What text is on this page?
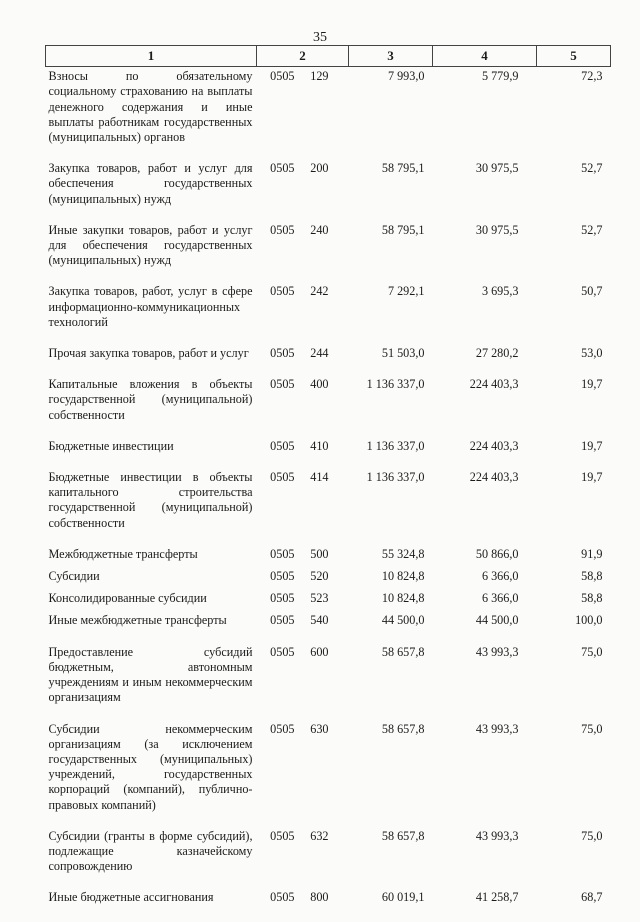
35
1	2	3	4	5
Взносы по обязательному социальному страхованию на выплаты денежного содержания и иные выплаты работникам государственных (муниципальных) органов	0505 129	7 993,0	5 779,9	72,3
Закупка товаров, работ и услуг для обеспечения государственных (муниципальных) нужд	0505 200	58 795,1	30 975,5	52,7
Иные закупки товаров, работ и услуг для обеспечения государственных (муниципальных) нужд	0505 240	58 795,1	30 975,5	52,7
Закупка товаров, работ, услуг в сфере информационно-коммуникационных технологий	0505 242	7 292,1	3 695,3	50,7
Прочая закупка товаров, работ и услуг	0505 244	51 503,0	27 280,2	53,0
Капитальные вложения в объекты государственной (муниципальной) собственности	0505 400	1 136 337,0	224 403,3	19,7
Бюджетные инвестиции	0505 410	1 136 337,0	224 403,3	19,7
Бюджетные инвестиции в объекты капитального строительства государственной (муниципальной) собственности	0505 414	1 136 337,0	224 403,3	19,7
Межбюджетные трансферты	0505 500	55 324,8	50 866,0	91,9
Субсидии	0505 520	10 824,8	6 366,0	58,8
Консолидированные субсидии	0505 523	10 824,8	6 366,0	58,8
Иные межбюджетные трансферты	0505 540	44 500,0	44 500,0	100,0
Предоставление субсидий бюджетным, автономным учреждениям и иным некоммерческим организациям	0505 600	58 657,8	43 993,3	75,0
Субсидии некоммерческим организациям (за исключением государственных (муниципальных) учреждений, государственных корпораций (компаний), публично-правовых компаний)	0505 630	58 657,8	43 993,3	75,0
Субсидии (гранты в форме субсидий), подлежащие казначейскому сопровождению	0505 632	58 657,8	43 993,3	75,0
Иные бюджетные ассигнования	0505 800	60 019,1	41 258,7	68,7
